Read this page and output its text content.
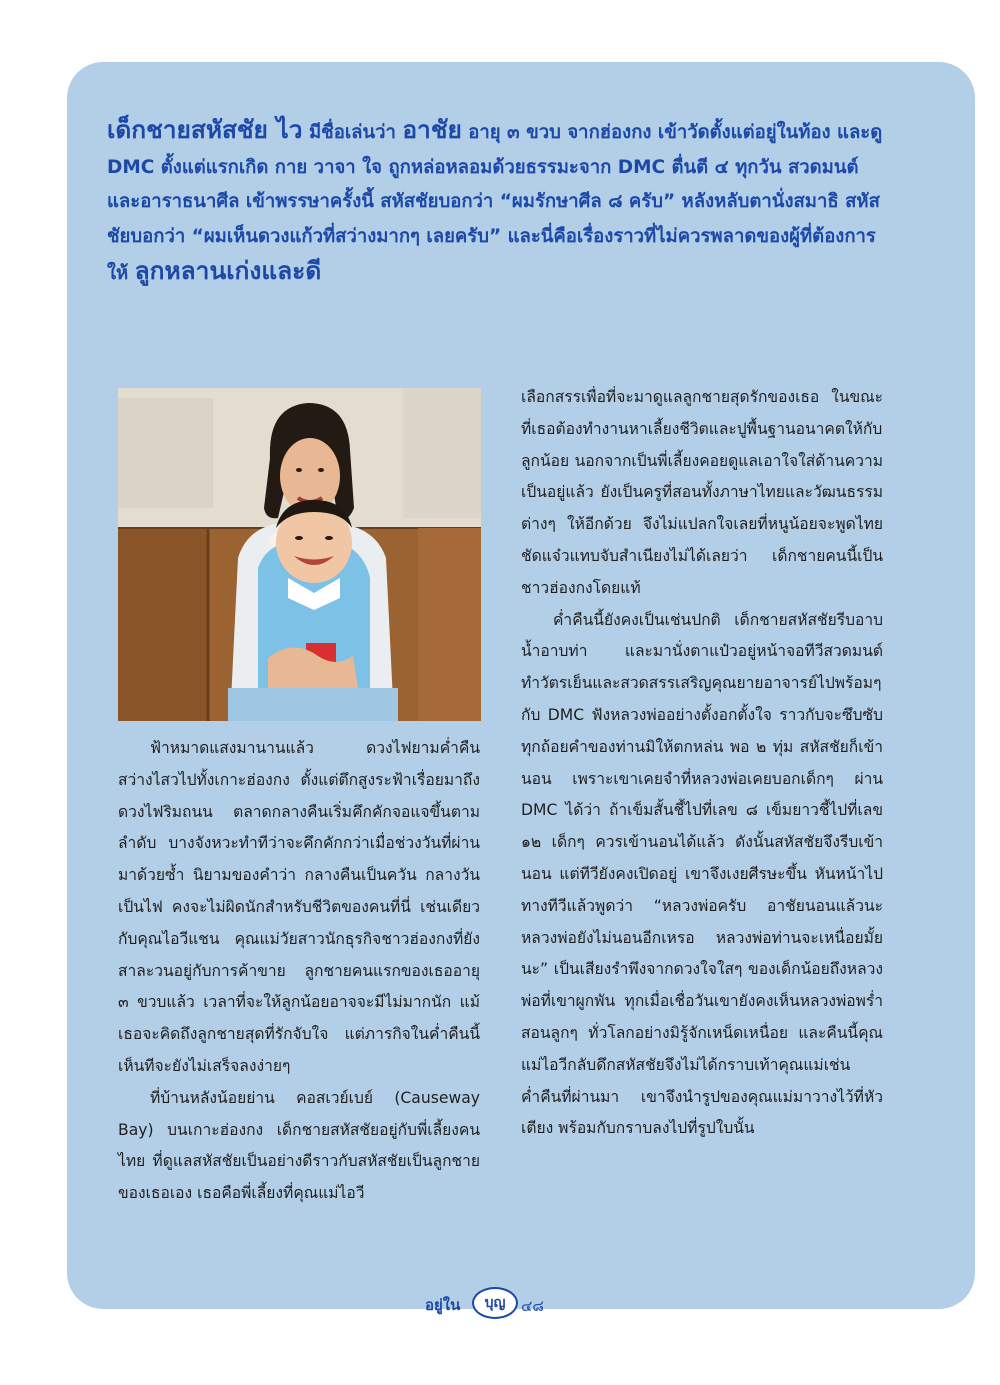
เด็กชายสหัสชัย ไว มีชื่อเล่นว่า อาชัย อายุ ๓ ขวบ จากฮ่องกง เข้าวัดตั้งแต่อยู่ในท้อง และดู DMC ตั้งแต่แรกเกิด กาย วาจา ใจ ถูกหล่อหลอมด้วยธรรมะจาก DMC ตื่นตี ๔ ทุกวัน สวดมนต์ และอาราธนาศีล เข้าพรรษาครั้งนี้ สหัสชัยบอกว่า “ผมรักษาศีล ๘ ครับ” หลังหลับตานั่งสมาธิ สหัสชัยบอกว่า “ผมเห็นดวงแก้วที่สว่างมากๆ เลยครับ” และนี่คือเรื่องราวที่ไม่ควรพลาดของผู้ที่ต้องการให้ ลูกหลานเก่งและดี

ฟ้าหมาดแสงมานานแล้ว ดวงไฟยามค่ำคืนสว่างไสวไปทั้งเกาะฮ่องกง ตั้งแต่ตึกสูงระฟ้าเรื่อยมาถึงดวงไฟริมถนน ตลาดกลางคืนเริ่มคึกคักจอแจขึ้นตามลำดับ บางจังหวะทำทีว่าจะคึกคักกว่าเมื่อช่วงวันที่ผ่านมาด้วยซ้ำ นิยามของคำว่า กลางคืนเป็นควัน กลางวันเป็นไฟ คงจะไม่ผิดนักสำหรับชีวิตของคนที่นี่ เช่นเดียวกับคุณไอวีแชน คุณแม่วัยสาวนักธุรกิจชาวฮ่องกงที่ยังสาละวนอยู่กับการค้าขาย ลูกชายคนแรกของเธออายุ ๓ ขวบแล้ว เวลาที่จะให้ลูกน้อยอาจจะมีไม่มากนัก แม้เธอจะคิดถึงลูกชายสุดที่รักจับใจ แต่ภารกิจในค่ำคืนนี้เห็นทีจะยังไม่เสร็จลงง่ายๆ
ที่บ้านหลังน้อยย่าน คอสเวย์เบย์ (Causeway Bay) บนเกาะฮ่องกง เด็กชายสหัสชัยอยู่กับพี่เลี้ยงคนไทย ที่ดูแลสหัสชัยเป็นอย่างดีราวกับสหัสชัยเป็นลูกชายของเธอเอง เธอคือพี่เลี้ยงที่คุณแม่ไอวี
เลือกสรรเพื่อที่จะมาดูแลลูกชายสุดรักของเธอ ในขณะที่เธอต้องทำงานหาเลี้ยงชีวิตและปูพื้นฐานอนาคตให้กับลูกน้อย นอกจากเป็นพี่เลี้ยงคอยดูแลเอาใจใส่ด้านความเป็นอยู่แล้ว ยังเป็นครูที่สอนทั้งภาษาไทยและวัฒนธรรมต่างๆ ให้อีกด้วย จึงไม่แปลกใจเลยที่หนูน้อยจะพูดไทยชัดแจ๋วแทบจับสำเนียงไม่ได้เลยว่า เด็กชายคนนี้เป็นชาวฮ่องกงโดยแท้
ค่ำคืนนี้ยังคงเป็นเช่นปกติ เด็กชายสหัสชัยรีบอาบน้ำอาบท่า และมานั่งตาแป๋วอยู่หน้าจอทีวีสวดมนต์ทำวัตรเย็นและสวดสรรเสริญคุณยายอาจารย์ไปพร้อมๆ กับ DMC ฟังหลวงพ่ออย่างตั้งอกตั้งใจ ราวกับจะซึบซับทุกถ้อยคำของท่านมิให้ตกหล่น พอ ๒ ทุ่ม สหัสชัยก็เข้านอน เพราะเขาเคยจำที่หลวงพ่อเคยบอกเด็กๆ ผ่าน DMC ได้ว่า ถ้าเข็มสั้นชี้ไปที่เลข ๘ เข็มยาวชี้ไปที่เลข ๑๒ เด็กๆ ควรเข้านอนได้แล้ว ดังนั้นสหัสชัยจึงรีบเข้านอน แต่ทีวียังคงเปิดอยู่ เขาจึงเงยศีรษะขึ้น หันหน้าไปทางทีวีแล้วพูดว่า “หลวงพ่อครับ อาชัยนอนแล้วนะ หลวงพ่อยังไม่นอนอีกเหรอ หลวงพ่อท่านจะเหนื่อยมั้ยนะ” เป็นเสียงรำพึงจากดวงใจใสๆ ของเด็กน้อยถึงหลวงพ่อที่เขาผูกพัน ทุกเมื่อเชื่อวันเขายังคงเห็นหลวงพ่อพร่ำสอนลูกๆ ทั่วโลกอย่างมิรู้จักเหน็ดเหนื่อย และคืนนี้คุณแม่ไอวีกลับดึกสหัสชัยจึงไม่ได้กราบเท้าคุณแม่เช่นค่ำคืนที่ผ่านมา เขาจึงนำรูปของคุณแม่มาวางไว้ที่หัวเตียง พร้อมกับกราบลงไปที่รูปใบนั้น
อยู่ใน	บุญ	๔๘
